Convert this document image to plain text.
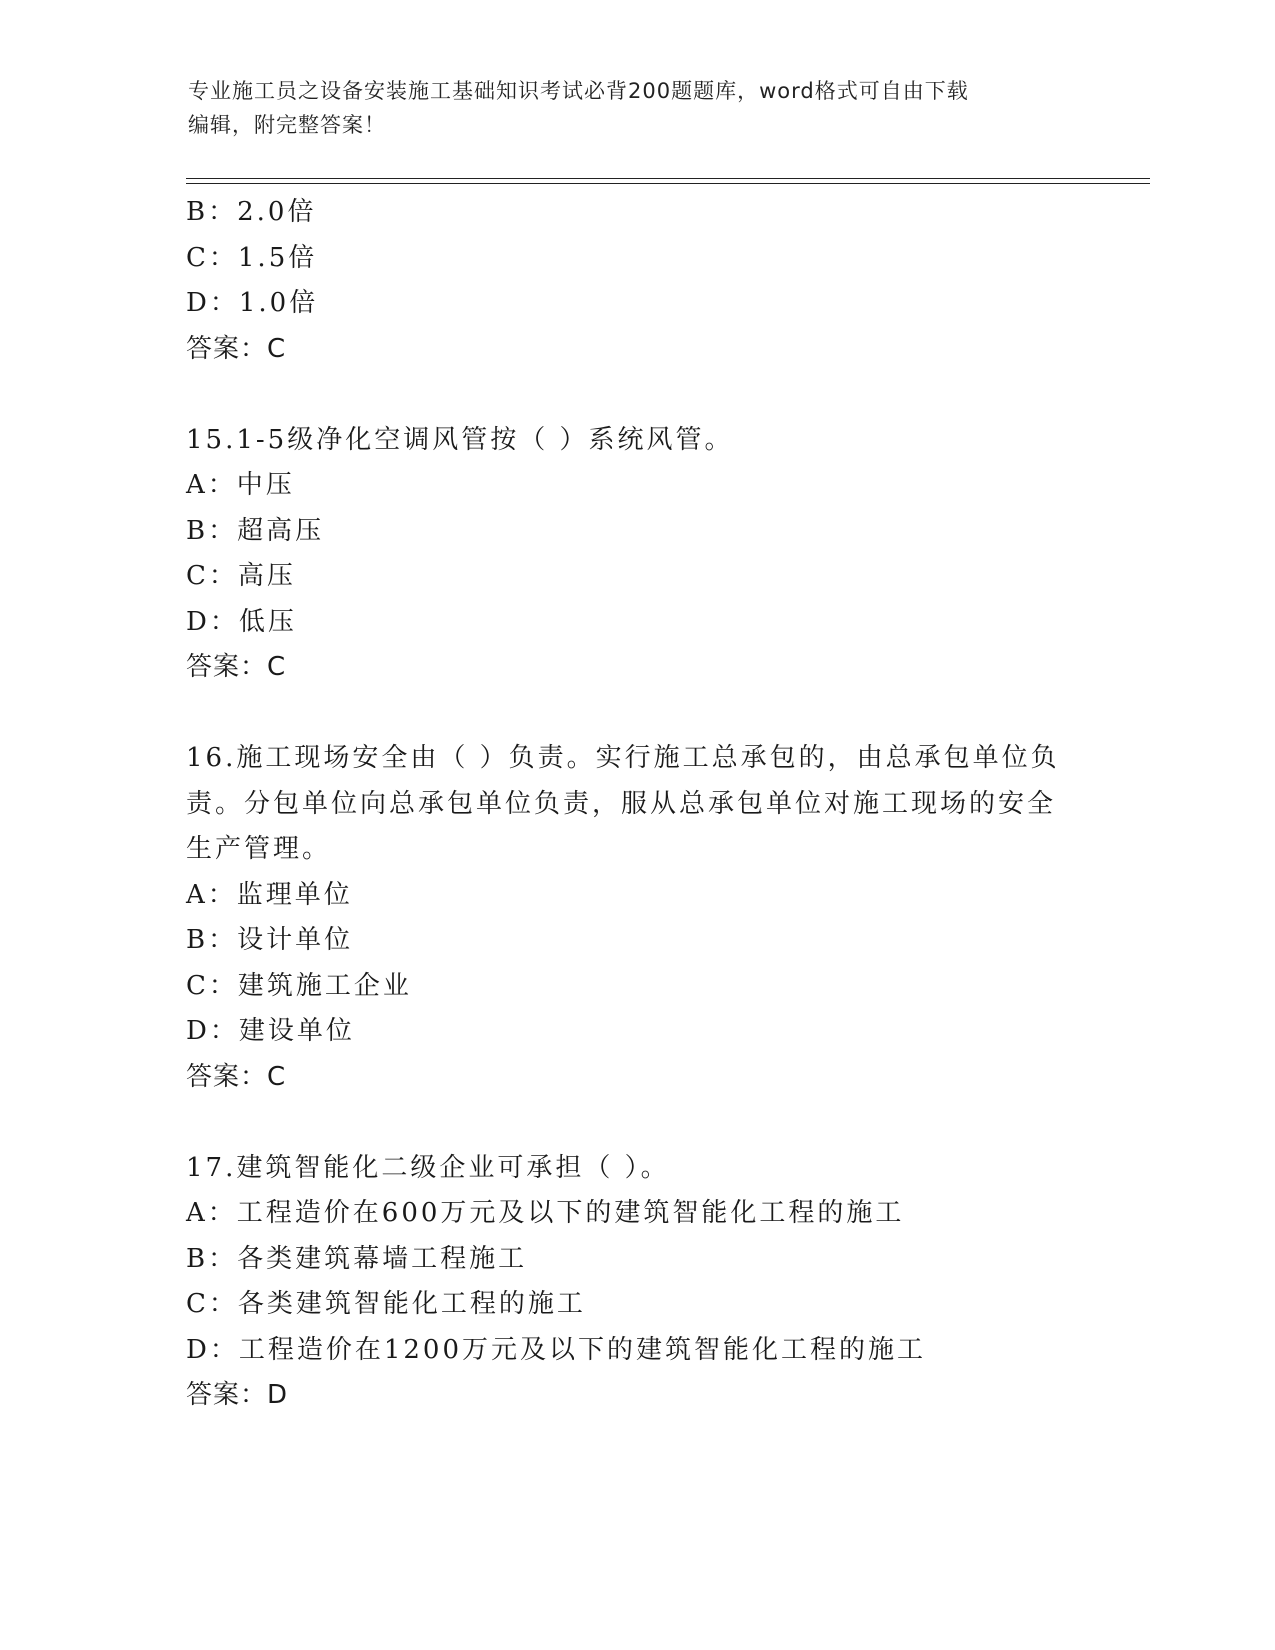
专业施工员之设备安装施工基础知识考试必背200题题库，word格式可自由下载
编辑，附完整答案！
B：2.0倍
C：1.5倍
D：1.0倍
答案：C
15.1-5级净化空调风管按（ ）系统风管。
A：中压
B：超高压
C：高压
D：低压
答案：C
16.施工现场安全由（ ）负责。实行施工总承包的，由总承包单位负
责。分包单位向总承包单位负责，服从总承包单位对施工现场的安全
生产管理。
A：监理单位
B：设计单位
C：建筑施工企业
D：建设单位
答案：C
17.建筑智能化二级企业可承担（ ）。
A：工程造价在600万元及以下的建筑智能化工程的施工
B：各类建筑幕墙工程施工
C：各类建筑智能化工程的施工
D：工程造价在1200万元及以下的建筑智能化工程的施工
答案：D
